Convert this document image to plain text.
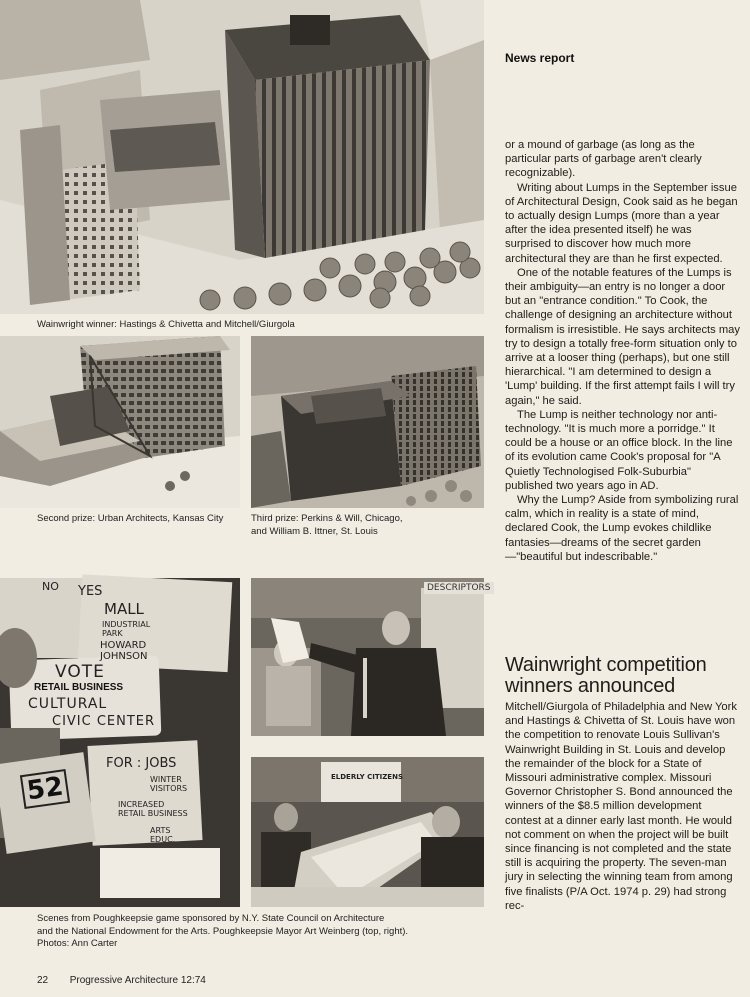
Wainwright winner: Hastings & Chivetta and Mitchell/Giurgola
Second prize: Urban Architects, Kansas City	Third prize: Perkins & Will, Chicago,
and William B. Ittner, St. Louis
NO YES
MALL
INDUSTRIAL PARK
HOWARD JOHNSON
VOTE
RETAIL BUSINESS
CULTURAL
CIVIC CENTER
52
FOR : JOBS
WINTER VISITORS
INCREASED RETAIL BUSINESS
ARTS EDUC.
DESCRIPTORS
ELDERLY CITIZENS
Scenes from Poughkeepsie game sponsored by N.Y. State Council on Architecture
and the National Endowment for the Arts. Poughkeepsie Mayor Art Weinberg (top, right).
Photos: Ann Carter
News report

or a mound of garbage (as long as the particular parts of garbage aren't clearly recognizable).

Writing about Lumps in the September issue of Architectural Design, Cook said as he began to actually design Lumps (more than a year after the idea presented itself) he was surprised to discover how much more architectural they are than he first expected.

One of the notable features of the Lumps is their ambiguity—an entry is no longer a door but an "entrance condition." To Cook, the challenge of designing an architecture without formalism is irresistible. He says architects may try to design a totally free-form situation only to arrive at a looser thing (perhaps), but one still hierarchical. "I am determined to design a 'Lump' building. If the first attempt fails I will try again," he said.

The Lump is neither technology nor anti-technology. "It is much more a porridge." It could be a house or an office block. In the line of its evolution came Cook's proposal for "A Quietly Technologised Folk-Suburbia" published two years ago in AD.

Why the Lump? Aside from symbolizing rural calm, which in reality is a state of mind, declared Cook, the Lump evokes childlike fantasies—dreams of the secret garden—"beautiful but indescribable."

Wainwright competition winners announced

Mitchell/Giurgola of Philadelphia and New York and Hastings & Chivetta of St. Louis have won the competition to renovate Louis Sullivan's Wainwright Building in St. Louis and develop the remainder of the block for a State of Missouri administrative complex. Missouri Governor Christopher S. Bond announced the winners of the $8.5 million development contest at a dinner early last month. He would not comment on when the project will be built since financing is not completed and the state still is acquiring the property. The seven-man jury in selecting the winning team from among five finalists (P/A Oct. 1974 p. 29) had strong rec-

22 Progressive Architecture 12:74
